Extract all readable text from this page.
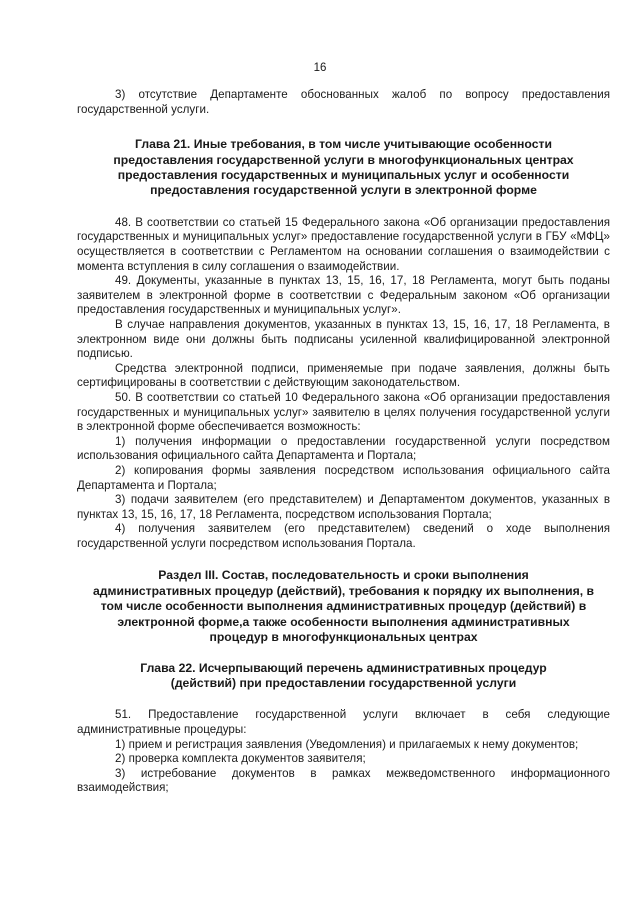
16

3) отсутствие Департаменте обоснованных жалоб по вопросу предоставления государственной услуги.

Глава 21. Иные требования, в том числе учитывающие особенности
предоставления государственной услуги в многофункциональных центрах
предоставления государственных и муниципальных услуг и особенности
предоставления государственной услуги в электронной форме

48. В соответствии со статьей 15 Федерального закона «Об организации предоставления государственных и муниципальных услуг» предоставление государственной услуги в ГБУ «МФЦ» осуществляется в соответствии с Регламентом на основании соглашения о взаимодействии с момента вступления в силу соглашения о взаимодействии.

49. Документы, указанные в пунктах 13, 15, 16, 17, 18 Регламента, могут быть поданы заявителем в электронной форме в соответствии с Федеральным законом «Об организации предоставления государственных и муниципальных услуг».

В случае направления документов, указанных в пунктах 13, 15, 16, 17, 18 Регламента, в электронном виде они должны быть подписаны усиленной квалифицированной электронной подписью.

Средства электронной подписи, применяемые при подаче заявления, должны быть сертифицированы в соответствии с действующим законодательством.

50. В соответствии со статьей 10 Федерального закона «Об организации предоставления государственных и муниципальных услуг» заявителю в целях получения государственной услуги в электронной форме обеспечивается возможность:

1) получения информации о предоставлении государственной услуги посредством использования официального сайта Департамента и Портала;

2) копирования формы заявления посредством использования официального сайта Департамента и Портала;

3) подачи заявителем (его представителем) и Департаментом документов, указанных в пунктах 13, 15, 16, 17, 18 Регламента, посредством использования Портала;

4) получения заявителем (его представителем) сведений о ходе выполнения государственной услуги посредством использования Портала.

Раздел III. Состав, последовательность и сроки выполнения
административных процедур (действий), требования к порядку их выполнения, в
том числе особенности выполнения административных процедур (действий) в
электронной форме,а также особенности выполнения административных
процедур в многофункциональных центрах
Глава 22. Исчерпывающий перечень административных процедур
(действий) при предоставлении государственной услуги

51. Предоставление государственной услуги включает в себя следующие административные процедуры:

1) прием и регистрация заявления (Уведомления) и прилагаемых к нему документов;

2) проверка комплекта документов заявителя;

3) истребование документов в рамках межведомственного информационного взаимодействия;
